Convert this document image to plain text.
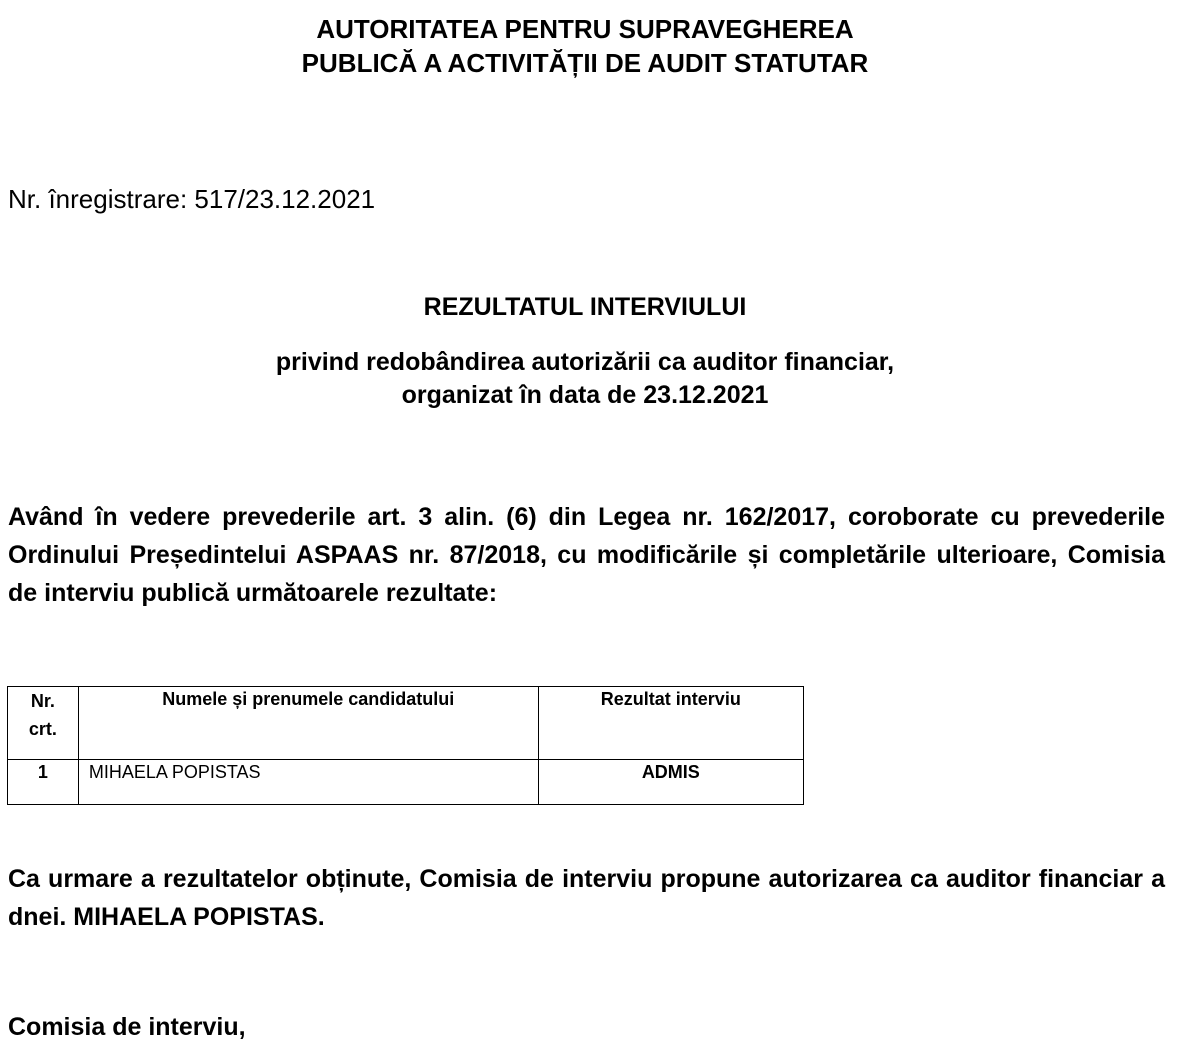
AUTORITATEA PENTRU SUPRAVEGHEREA
PUBLICĂ A ACTIVITĂȚII DE AUDIT STATUTAR
Nr. înregistrare: 517/23.12.2021
REZULTATUL INTERVIULUI
privind redobândirea autorizării ca auditor financiar,
organizat în data de 23.12.2021
Având în vedere prevederile art. 3 alin. (6) din Legea nr. 162/2017, coroborate cu prevederile Ordinului Președintelui ASPAAS nr. 87/2018, cu modificările și completările ulterioare, Comisia de interviu publică următoarele rezultate:
Nr.
crt.	Numele și prenumele candidatului	Rezultat interviu

1	MIHAELA POPISTAS	ADMIS
Ca urmare a rezultatelor obținute, Comisia de interviu propune autorizarea ca auditor financiar a dnei. MIHAELA POPISTAS.
Comisia de interviu,
